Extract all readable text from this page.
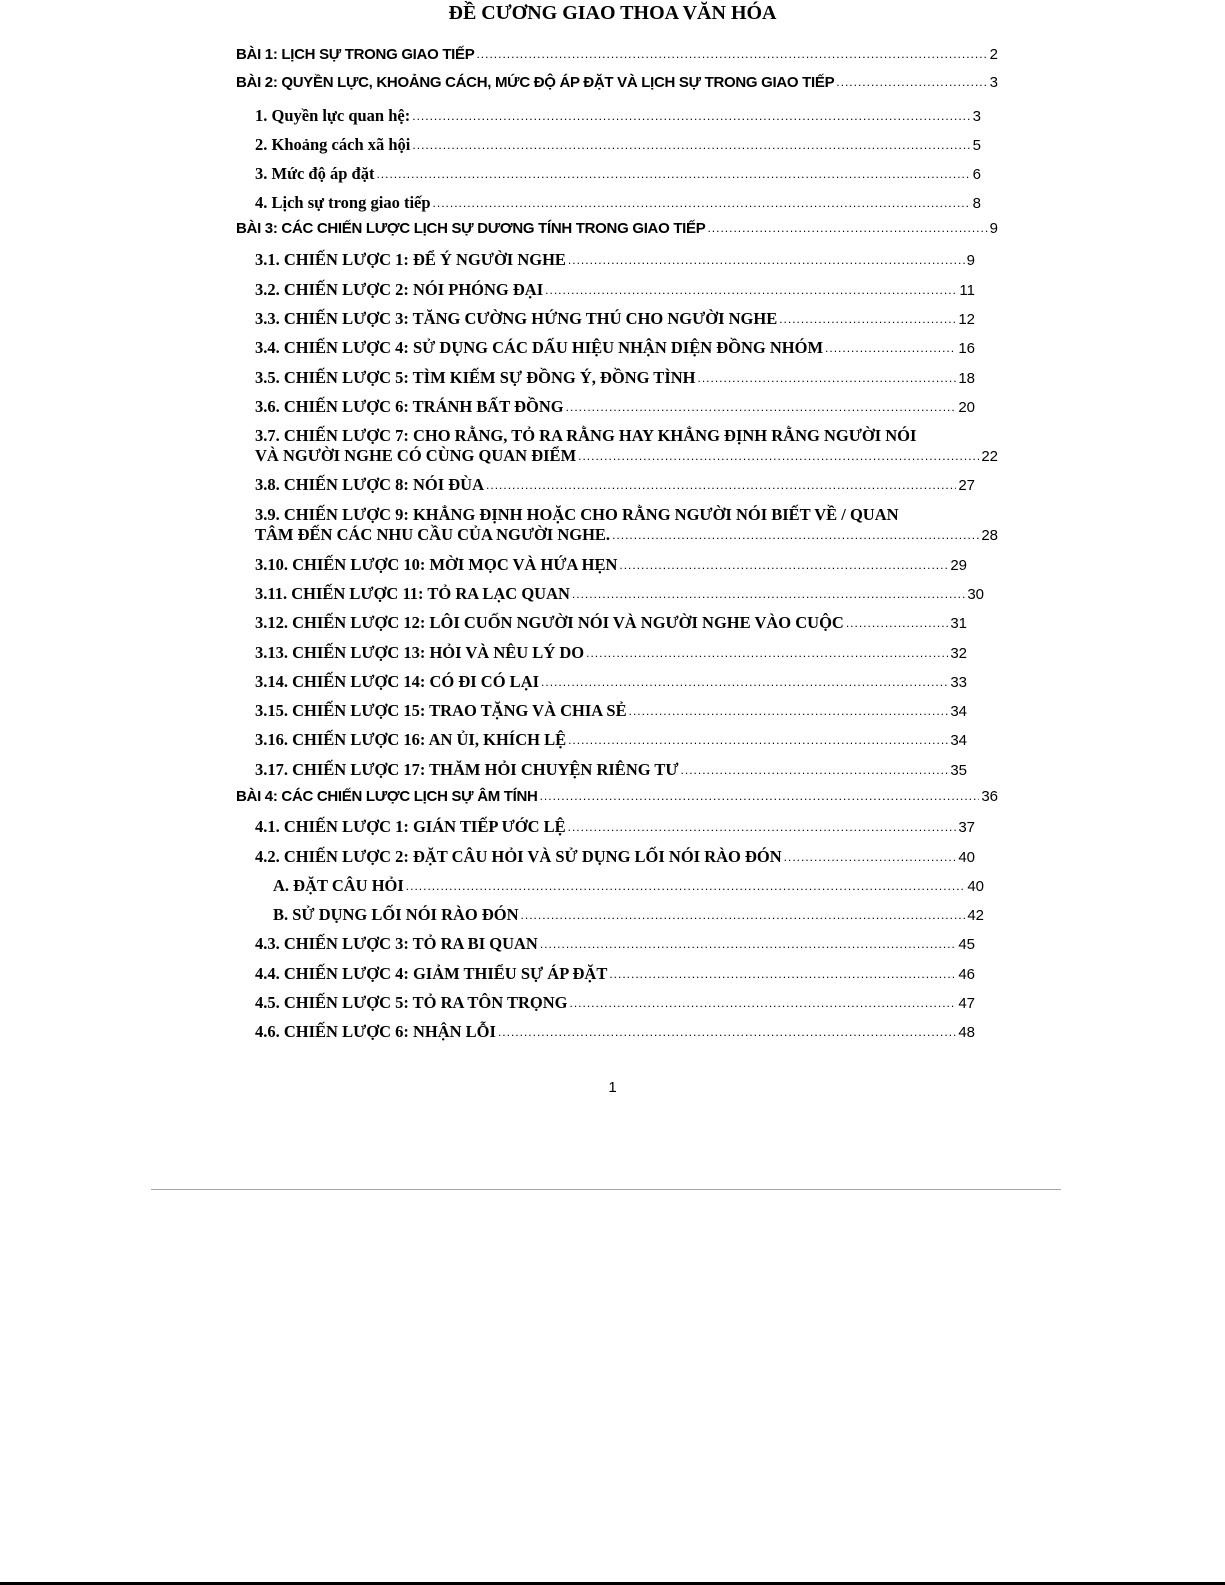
ĐỀ CƯƠNG GIAO THOA VĂN HÓA
BÀI 1: LỊCH SỰ TRONG GIAO TIẾP .....	2
BÀI 2: QUYỀN LỰC, KHOẢNG CÁCH, MỨC ĐỘ ÁP ĐẶT VÀ LỊCH SỰ TRONG GIAO TIẾP .....	3
1. Quyền lực quan hệ: .....	3
2. Khoảng cách xã hội .....	5
3. Mức độ áp đặt .....	6
4. Lịch sự trong giao tiếp .....	8
BÀI 3: CÁC CHIẾN LƯỢC LỊCH SỰ DƯƠNG TÍNH TRONG GIAO TIẾP .....	9
3.1. CHIẾN LƯỢC 1: ĐỂ Ý NGƯỜI NGHE .....	9
3.2. CHIẾN LƯỢC 2: NÓI PHÓNG ĐẠI .....	11
3.3. CHIẾN LƯỢC 3: TĂNG CƯỜNG HỨNG THÚ CHO NGƯỜI NGHE .....	12
3.4. CHIẾN LƯỢC 4: SỬ DỤNG CÁC DẤU HIỆU NHẬN DIỆN ĐỒNG NHÓM .....	16
3.5. CHIẾN LƯỢC 5: TÌM KIẾM SỰ ĐỒNG Ý, ĐỒNG TÌNH .....	18
3.6. CHIẾN LƯỢC 6: TRÁNH BẤT ĐỒNG .....	20
3.7. CHIẾN LƯỢC 7: CHO RẰNG, TỎ RA RẰNG HAY KHẲNG ĐỊNH RẰNG NGƯỜI NÓI
VÀ NGƯỜI NGHE CÓ CÙNG QUAN ĐIỂM .....	22
3.8. CHIẾN LƯỢC 8: NÓI ĐÙA .....	27
3.9. CHIẾN LƯỢC 9: KHẲNG ĐỊNH HOẶC CHO RẰNG NGƯỜI NÓI BIẾT VỀ / QUAN
TÂM ĐẾN CÁC NHU CẦU CỦA NGƯỜI NGHE. .....	28
3.10. CHIẾN LƯỢC 10: MỜI MỌC VÀ HỨA HẸN .....	29
3.11. CHIẾN LƯỢC 11: TỎ RA LẠC QUAN .....	30
3.12. CHIẾN LƯỢC 12: LÔI CUỐN NGƯỜI NÓI VÀ NGƯỜI NGHE VÀO CUỘC .....	31
3.13. CHIẾN LƯỢC 13: HỎI VÀ NÊU LÝ DO .....	32
3.14. CHIẾN LƯỢC 14: CÓ ĐI CÓ LẠI .....	33
3.15. CHIẾN LƯỢC 15: TRAO TẶNG VÀ CHIA SẺ .....	34
3.16. CHIẾN LƯỢC 16: AN ỦI, KHÍCH LỆ .....	34
3.17. CHIẾN LƯỢC 17: THĂM HỎI CHUYỆN RIÊNG TƯ .....	35
BÀI 4: CÁC CHIẾN LƯỢC LỊCH SỰ ÂM TÍNH .....	36
4.1. CHIẾN LƯỢC 1: GIÁN TIẾP ƯỚC LỆ .....	37
4.2. CHIẾN LƯỢC 2: ĐẶT CÂU HỎI VÀ SỬ DỤNG LỐI NÓI RÀO ĐÓN .....	40
A. ĐẶT CÂU HỎI .....	40
B. SỬ DỤNG LỐI NÓI RÀO ĐÓN .....	42
4.3. CHIẾN LƯỢC 3: TỎ RA BI QUAN .....	45
4.4. CHIẾN LƯỢC 4: GIẢM THIỂU SỰ ÁP ĐẶT .....	46
4.5. CHIẾN LƯỢC 5: TỎ RA TÔN TRỌNG .....	47
4.6. CHIẾN LƯỢC 6: NHẬN LỖI .....	48
1
